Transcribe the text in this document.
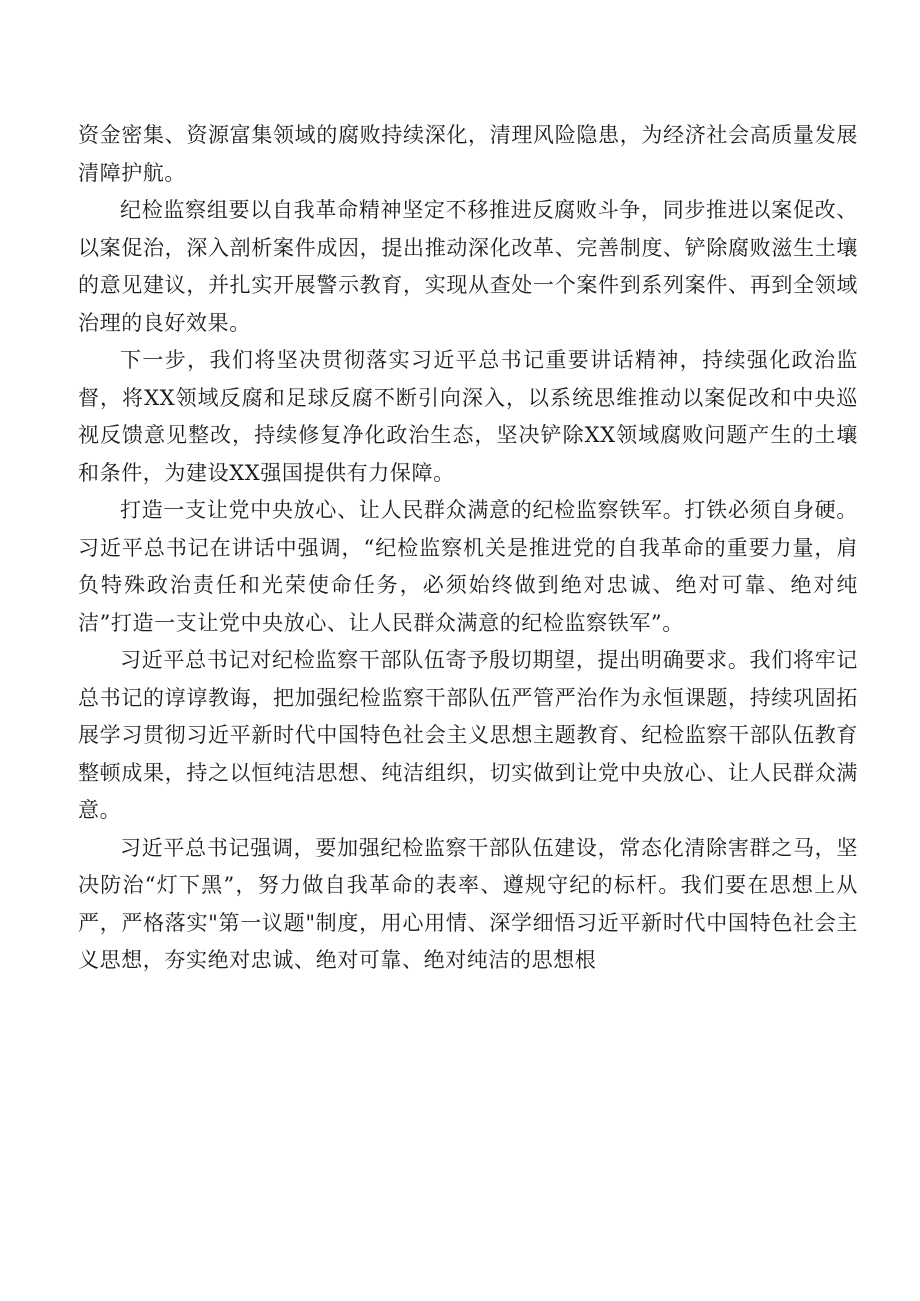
资金密集、资源富集领域的腐败持续深化，清理风险隐患，为经济社会高质量发展清障护航。

纪检监察组要以自我革命精神坚定不移推进反腐败斗争，同步推进以案促改、以案促治，深入剖析案件成因，提出推动深化改革、完善制度、铲除腐败滋生土壤的意见建议，并扎实开展警示教育，实现从查处一个案件到系列案件、再到全领域治理的良好效果。

下一步，我们将坚决贯彻落实习近平总书记重要讲话精神，持续强化政治监督，将XX领域反腐和足球反腐不断引向深入，以系统思维推动以案促改和中央巡视反馈意见整改，持续修复净化政治生态，坚决铲除XX领域腐败问题产生的土壤和条件，为建设XX强国提供有力保障。

打造一支让党中央放心、让人民群众满意的纪检监察铁军。打铁必须自身硬。习近平总书记在讲话中强调，“纪检监察机关是推进党的自我革命的重要力量，肩负特殊政治责任和光荣使命任务，必须始终做到绝对忠诚、绝对可靠、绝对纯洁”打造一支让党中央放心、让人民群众满意的纪检监察铁军”。

习近平总书记对纪检监察干部队伍寄予殷切期望，提出明确要求。我们将牢记总书记的谆谆教诲，把加强纪检监察干部队伍严管严治作为永恒课题，持续巩固拓展学习贯彻习近平新时代中国特色社会主义思想主题教育、纪检监察干部队伍教育整顿成果，持之以恒纯洁思想、纯洁组织，切实做到让党中央放心、让人民群众满意。

习近平总书记强调，要加强纪检监察干部队伍建设，常态化清除害群之马，坚决防治“灯下黑”，努力做自我革命的表率、遵规守纪的标杆。我们要在思想上从严，严格落实"第一议题"制度，用心用情、深学细悟习近平新时代中国特色社会主义思想，夯实绝对忠诚、绝对可靠、绝对纯洁的思想根
